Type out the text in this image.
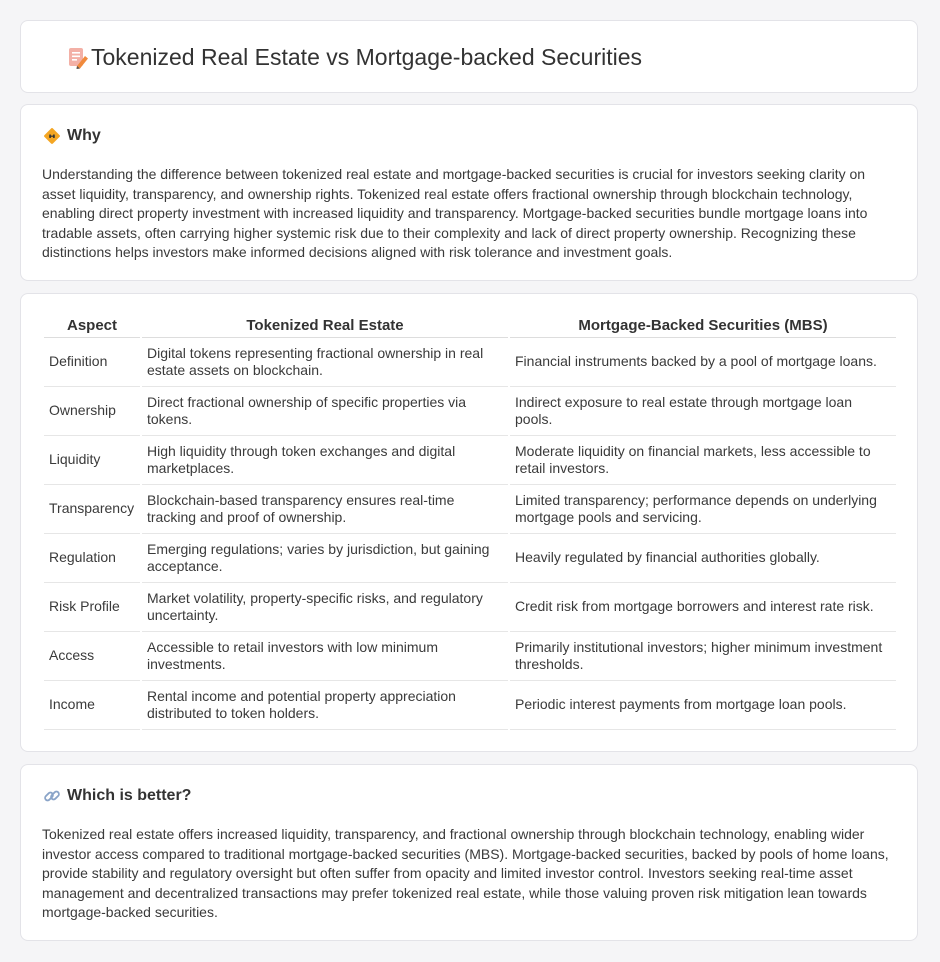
Tokenized Real Estate vs Mortgage-backed Securities
Why

Understanding the difference between tokenized real estate and mortgage-backed securities is crucial for investors seeking clarity on asset liquidity, transparency, and ownership rights. Tokenized real estate offers fractional ownership through blockchain technology, enabling direct property investment with increased liquidity and transparency. Mortgage-backed securities bundle mortgage loans into tradable assets, often carrying higher systemic risk due to their complexity and lack of direct property ownership. Recognizing these distinctions helps investors make informed decisions aligned with risk tolerance and investment goals.

Aspect	Tokenized Real Estate	Mortgage-Backed Securities (MBS)
Definition	Digital tokens representing fractional ownership in real estate assets on blockchain.	Financial instruments backed by a pool of mortgage loans.
Ownership	Direct fractional ownership of specific properties via tokens.	Indirect exposure to real estate through mortgage loan pools.
Liquidity	High liquidity through token exchanges and digital marketplaces.	Moderate liquidity on financial markets, less accessible to retail investors.
Transparency	Blockchain-based transparency ensures real-time tracking and proof of ownership.	Limited transparency; performance depends on underlying mortgage pools and servicing.
Regulation	Emerging regulations; varies by jurisdiction, but gaining acceptance.	Heavily regulated by financial authorities globally.
Risk Profile	Market volatility, property-specific risks, and regulatory uncertainty.	Credit risk from mortgage borrowers and interest rate risk.
Access	Accessible to retail investors with low minimum investments.	Primarily institutional investors; higher minimum investment thresholds.
Income	Rental income and potential property appreciation distributed to token holders.	Periodic interest payments from mortgage loan pools.
Which is better?

Tokenized real estate offers increased liquidity, transparency, and fractional ownership through blockchain technology, enabling wider investor access compared to traditional mortgage-backed securities (MBS). Mortgage-backed securities, backed by pools of home loans, provide stability and regulatory oversight but often suffer from opacity and limited investor control. Investors seeking real-time asset management and decentralized transactions may prefer tokenized real estate, while those valuing proven risk mitigation lean towards mortgage-backed securities.
